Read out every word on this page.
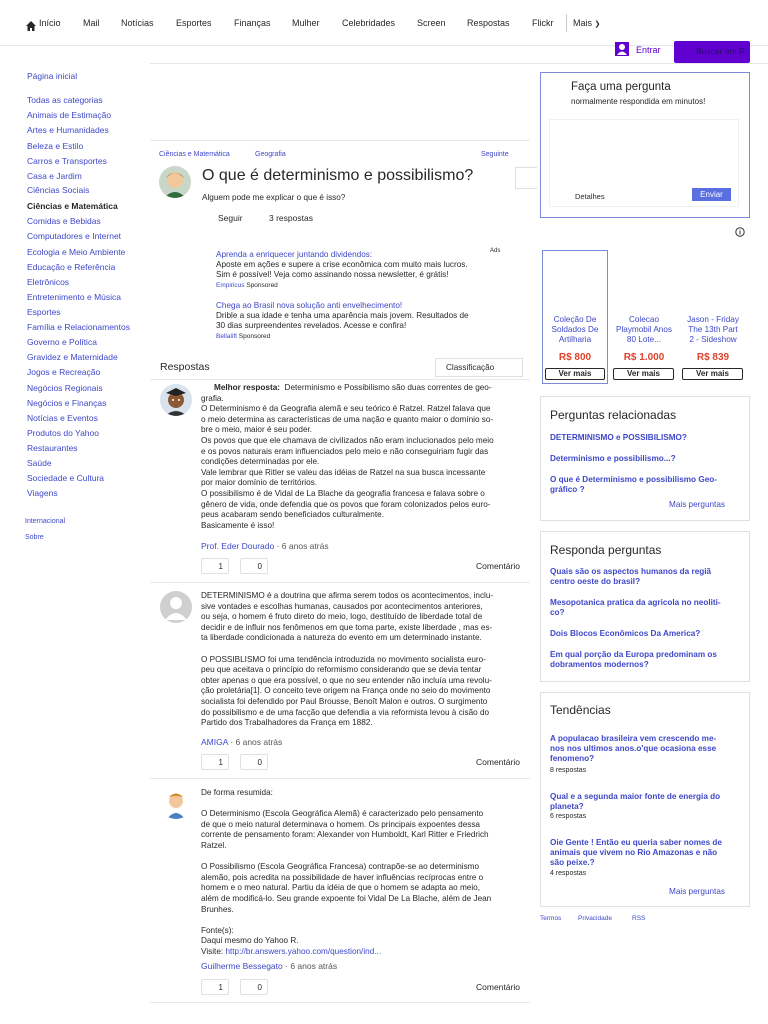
Início Mail Notícias Esportes Finanças Mulher Celebridades Screen Respostas Flickr Mais ❯
Entrar	Buscar em R
Página inicial
Todas as categorias
Animais de Estimação
Artes e Humanidades
Beleza e Estilo
Carros e Transportes
Casa e Jardim
Ciências Sociais
Ciências e Matemática
Comidas e Bebidas
Computadores e Internet
Ecologia e Meio Ambiente
Educação e Referência
Eletrônicos
Entretenimento e Música
Esportes
Família e Relacionamentos
Governo e Política
Gravidez e Maternidade
Jogos e Recreação
Negócios Regionais
Negócios e Finanças
Notícias e Eventos
Produtos do Yahoo
Restaurantes
Saúde
Sociedade e Cultura
Viagens
Internacional
Sobre
Ciências e Matemática	Geografia	Seguinte
O que é determinismo e possibilismo?
Alguem pode me explicar o que é isso?
Seguir	3 respostas
Ads
Aprenda a enriquecer juntando dividendos:
Aposte em ações e supere a crise econômica com muito mais lucros.
Sim é possível! Veja como assinando nossa newsletter, é grátis!
Empiricus Sponsored
Chega ao Brasil nova solução anti envelhecimento!
Drible a sua idade e tenha uma aparência mais jovem. Resultados de
30 dias surpreendentes revelados. Acesse e confira!
Bellalift Sponsored
Respostas	Classificação
Melhor resposta: Determinismo e Possibilismo são duas correntes de geo-
grafia.
O Determinismo é da Geografia alemã e seu teórico é Ratzel. Ratzel falava que
o meio determina as características de uma nação e quanto maior o domínio so-
bre o meio, maior é seu poder.
Os povos que que ele chamava de civilizados não eram inclucionados pelo meio
e os povos naturais eram influenciados pelo meio e não conseguiriam fugir das
condições determinadas por ele.
Vale lembrar que Ritler se valeu das idéias de Ratzel na sua busca incessante
por maior domínio de territórios.
O possibilismo é de Vidal de La Blache da geografia francesa e falava sobre o
gênero de vida, onde defendia que os povos que foram colonizados pelos euro-
peus acabaram sendo beneficiados culturalmente.
Basicamente é isso!
Prof. Eder Dourado · 6 anos atrás
1	0	Comentário
DETERMINISMO é a doutrina que afirma serem todos os acontecimentos, inclu-
sive vontades e escolhas humanas, causados por acontecimentos anteriores,
ou seja, o homem é fruto direto do meio, logo, destituído de liberdade total de
decidir e de influir nos fenômenos em que toma parte, existe liberdade , mas es-
ta liberdade condicionada a natureza do evento em um determinado instante.
O POSSIBLISMO foi uma tendência introduzida no movimento socialista euro-
peu que aceitava o princípio do reformismo considerando que se devia tentar
obter apenas o que era possível, o que no seu entender não incluía uma revolu-
ção proletária[1]. O conceito teve origem na França onde no seio do movimento
socialista foi defendido por Paul Brousse, Benoît Malon e outros. O surgimento
do possibilismo e de uma facção que defendia a via reformista levou à cisão do
Partido dos Trabalhadores da França em 1882.
AMIGA · 6 anos atrás
1	0	Comentário
De forma resumida:
O Determinismo (Escola Geográfica Alemã) é caracterizado pelo pensamento
de que o meio natural determinava o homem. Os principais expoentes dessa
corrente de pensamento foram: Alexander von Humboldt, Karl Ritter e Friedrich
Ratzel.
O Possibilismo (Escola Geográfica Francesa) contrapõe-se ao determinismo
alemão, pois acredita na possibilidade de haver influências recíprocas entre o
homem e o meo natural. Partiu da idéia de que o homem se adapta ao meio,
além de modificá-lo. Seu grande expoente foi Vidal De La Blache, além de Jean
Brunhes.
Fonte(s):
Daqui mesmo do Yahoo R.
Visite: http://br.answers.yahoo.com/question/ind...
Guilherme Bessegato · 6 anos atrás
1	0	Comentário
Faça uma pergunta
normalmente respondida em minutos!
Detalhes	Enviar
Coleção De
Soldados De
Artilharia
R$ 800
Ver mais
Colecao
Playmobil Anos
80 Lote...
R$ 1.000
Ver mais
Jason - Friday
The 13th Part
2 - Sideshow
R$ 839
Ver mais
Perguntas relacionadas
DETERMINISMO e POSSIBILISMO?
Determinismo e possibilismo...?
O que é Determinismo e possibilismo Geo-
gráfico ?
Mais perguntas
Responda perguntas
Quais são os aspectos humanos da regiã
centro oeste do brasil?
Mesopotanica pratica da agricola no neoliti-
co?
Dois Blocos Econômicos Da America?
Em qual porção da Europa predominam os
dobramentos modernos?
Tendências
A populacao brasileira vem crescendo me-
nos nos ultimos anos.o'que ocasiona esse
fenomeno?
8 respostas
Qual e a segunda maior fonte de energia do
planeta?
6 respostas
Oie Gente ! Então eu queria saber nomes de
animais que vivem no Rio Amazonas e não
são peixe.?
4 respostas
Mais perguntas
Termos	Privacidade	RSS
